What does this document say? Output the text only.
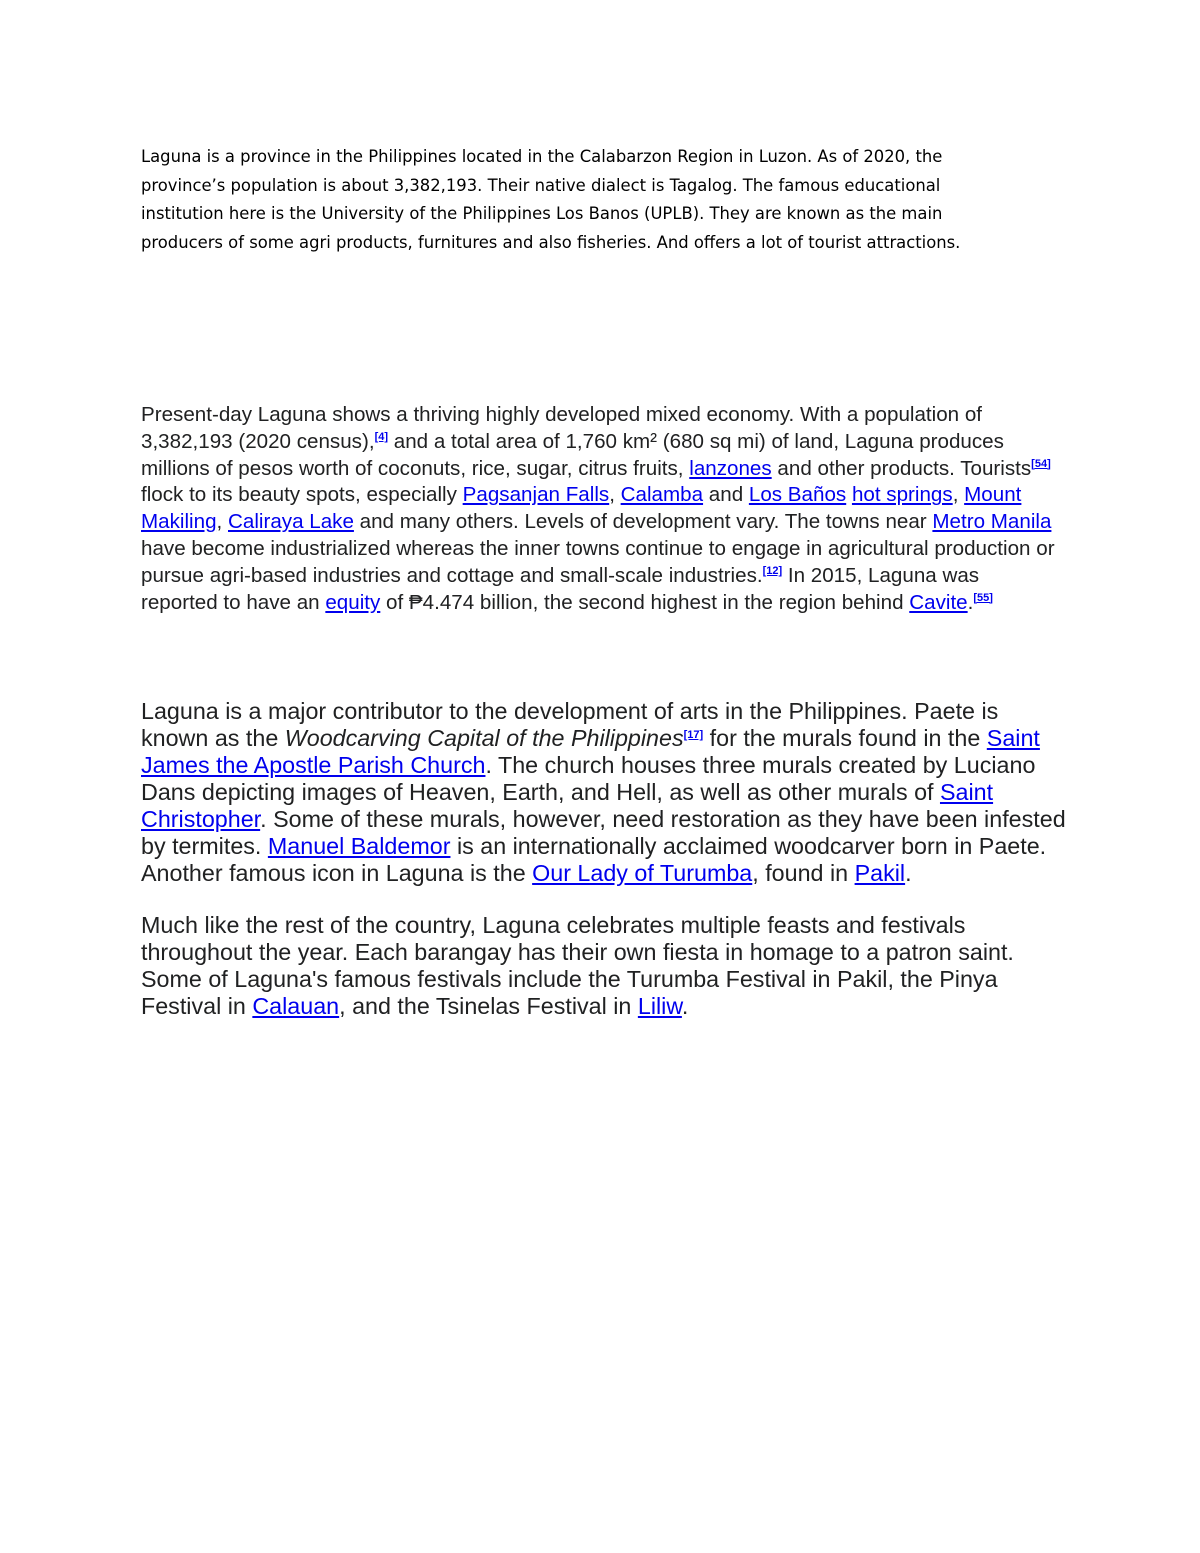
Laguna is a province in the Philippines located in the Calabarzon Region in Luzon. As of 2020, the province’s population is about 3,382,193. Their native dialect is Tagalog. The famous educational institution here is the University of the Philippines Los Banos (UPLB). They are known as the main producers of some agri products, furnitures and also fisheries. And offers a lot of tourist attractions.

Present-day Laguna shows a thriving highly developed mixed economy. With a population of 3,382,193 (2020 census),[4] and a total area of 1,760 km² (680 sq mi) of land, Laguna produces millions of pesos worth of coconuts, rice, sugar, citrus fruits, lanzones and other products. Tourists[54] flock to its beauty spots, especially Pagsanjan Falls, Calamba and Los Baños hot springs, Mount Makiling, Caliraya Lake and many others. Levels of development vary. The towns near Metro Manila have become industrialized whereas the inner towns continue to engage in agricultural production or pursue agri-based industries and cottage and small-scale industries.[12] In 2015, Laguna was reported to have an equity of ₱4.474 billion, the second highest in the region behind Cavite.[55]

Laguna is a major contributor to the development of arts in the Philippines. Paete is known as the Woodcarving Capital of the Philippines[17] for the murals found in the Saint James the Apostle Parish Church. The church houses three murals created by Luciano Dans depicting images of Heaven, Earth, and Hell, as well as other murals of Saint Christopher. Some of these murals, however, need restoration as they have been infested by termites. Manuel Baldemor is an internationally acclaimed woodcarver born in Paete. Another famous icon in Laguna is the Our Lady of Turumba, found in Pakil.

Much like the rest of the country, Laguna celebrates multiple feasts and festivals throughout the year. Each barangay has their own fiesta in homage to a patron saint. Some of Laguna's famous festivals include the Turumba Festival in Pakil, the Pinya Festival in Calauan, and the Tsinelas Festival in Liliw.
